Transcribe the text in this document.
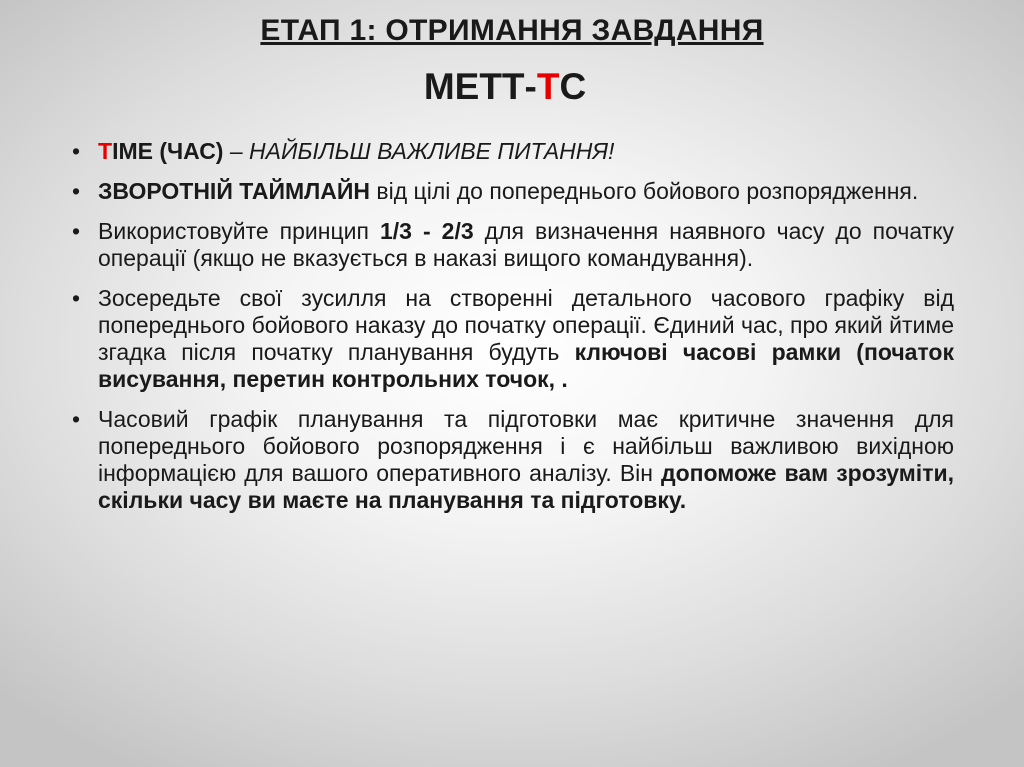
ЕТАП 1: ОТРИМАННЯ ЗАВДАННЯ
МЕТТ-ТС
• ТIME (ЧАС) – НАЙБІЛЬШ ВАЖЛИВЕ ПИТАННЯ!
• ЗВОРОТНІЙ ТАЙМЛАЙН від цілі до попереднього бойового розпорядження.
• Використовуйте принцип 1/3 - 2/3 для визначення наявного часу до початку операції (якщо не вказується в наказі вищого командування).
• Зосередьте свої зусилля на створенні детального часового графіку від попереднього бойового наказу до початку операції. Єдиний час, про який йтиме згадка після початку планування будуть ключові часові рамки (початок висування, перетин контрольних точок, .
• Часовий графік планування та підготовки має критичне значення для попереднього бойового розпорядження і є найбільш важливою вихідною інформацією для вашого оперативного аналізу. Він допоможе вам зрозуміти, скільки часу ви маєте на планування та підготовку.
